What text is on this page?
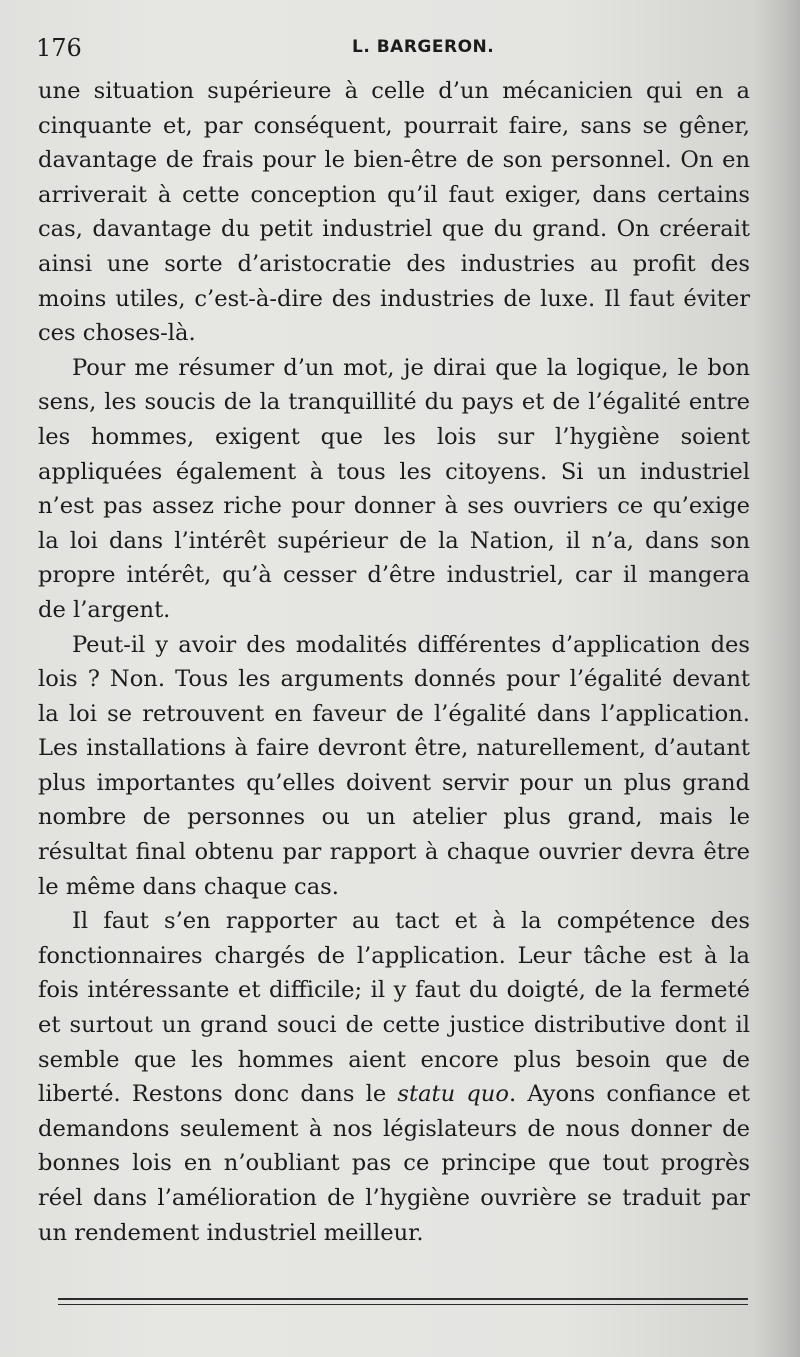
176	L. BARGERON.

une situation supérieure à celle d’un mécanicien qui en a cinquante et, par conséquent, pourrait faire, sans se gêner, davantage de frais pour le bien-être de son personnel. On en arriverait à cette conception qu’il faut exiger, dans certains cas, davantage du petit industriel que du grand. On créerait ainsi une sorte d’aristocratie des industries au profit des moins utiles, c’est-à-dire des industries de luxe. Il faut éviter ces choses-là.

Pour me résumer d’un mot, je dirai que la logique, le bon sens, les soucis de la tranquillité du pays et de l’égalité entre les hommes, exigent que les lois sur l’hygiène soient appliquées également à tous les citoyens. Si un industriel n’est pas assez riche pour donner à ses ouvriers ce qu’exige la loi dans l’intérêt supérieur de la Nation, il n’a, dans son propre intérêt, qu’à cesser d’être industriel, car il mangera de l’argent.

Peut-il y avoir des modalités différentes d’application des lois ? Non. Tous les arguments donnés pour l’égalité devant la loi se retrouvent en faveur de l’égalité dans l’application. Les installations à faire devront être, naturellement, d’autant plus importantes qu’elles doivent servir pour un plus grand nombre de personnes ou un atelier plus grand, mais le résultat final obtenu par rapport à chaque ouvrier devra être le même dans chaque cas.

Il faut s’en rapporter au tact et à la compétence des fonctionnaires chargés de l’application. Leur tâche est à la fois intéressante et difficile; il y faut du doigté, de la fermeté et surtout un grand souci de cette justice distributive dont il semble que les hommes aient encore plus besoin que de liberté. Restons donc dans le statu quo. Ayons confiance et demandons seulement à nos législateurs de nous donner de bonnes lois en n’oubliant pas ce principe que tout progrès réel dans l’amélioration de l’hygiène ouvrière se traduit par un rendement industriel meilleur.
